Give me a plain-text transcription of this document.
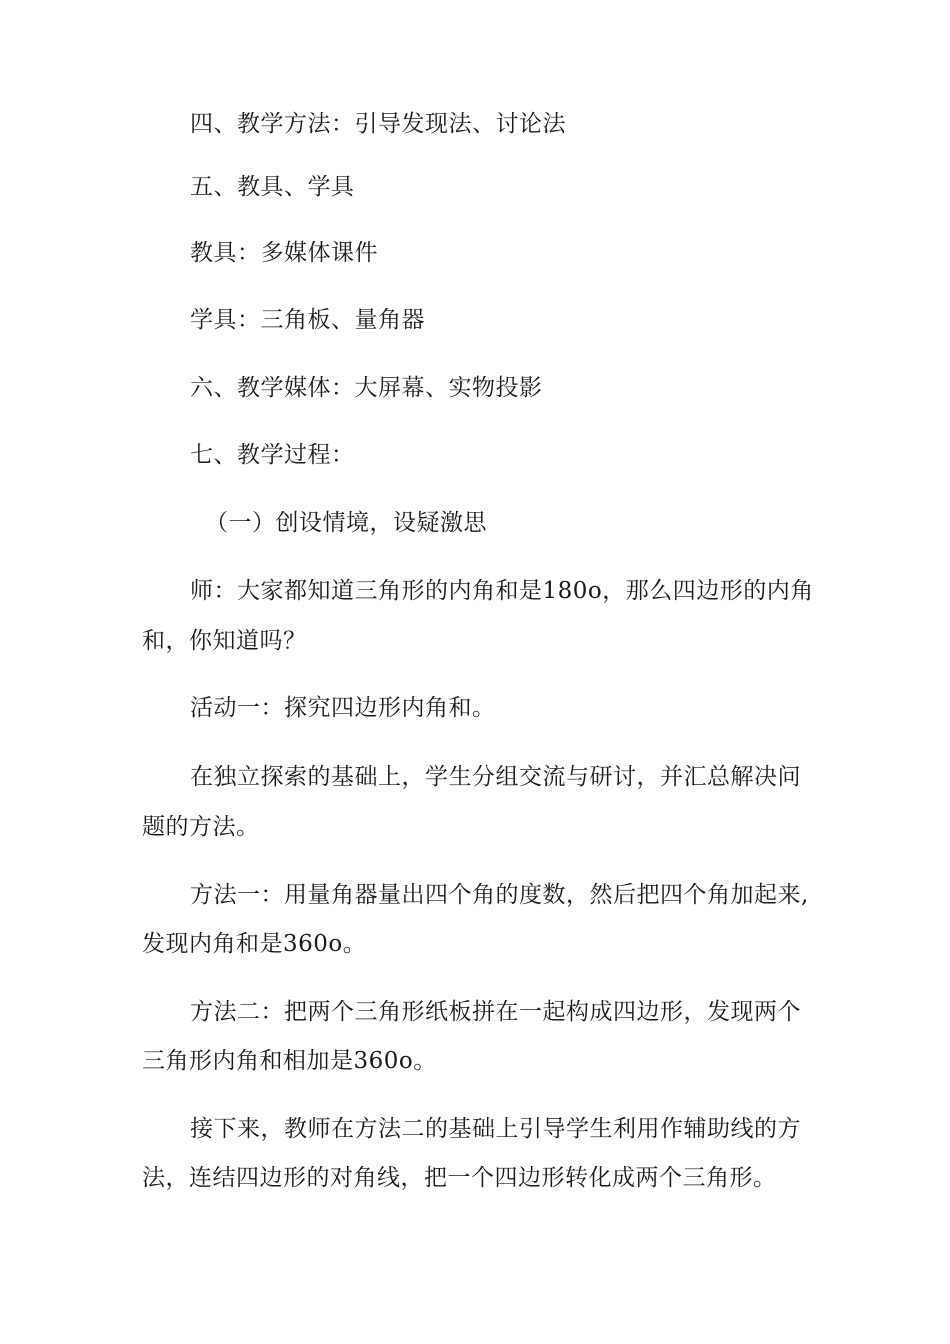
四、教学方法：引导发现法、讨论法
五、教具、学具
教具：多媒体课件
学具：三角板、量角器
六、教学媒体：大屏幕、实物投影
七、教学过程：
（一）创设情境，设疑激思
师：大家都知道三角形的内角和是180o，那么四边形的内角
和，你知道吗？
活动一：探究四边形内角和。
在独立探索的基础上，学生分组交流与研讨，并汇总解决问
题的方法。
方法一：用量角器量出四个角的度数，然后把四个角加起来,
发现内角和是360o。
方法二：把两个三角形纸板拼在一起构成四边形，发现两个
三角形内角和相加是360o。
接下来，教师在方法二的基础上引导学生利用作辅助线的方
法，连结四边形的对角线，把一个四边形转化成两个三角形。
